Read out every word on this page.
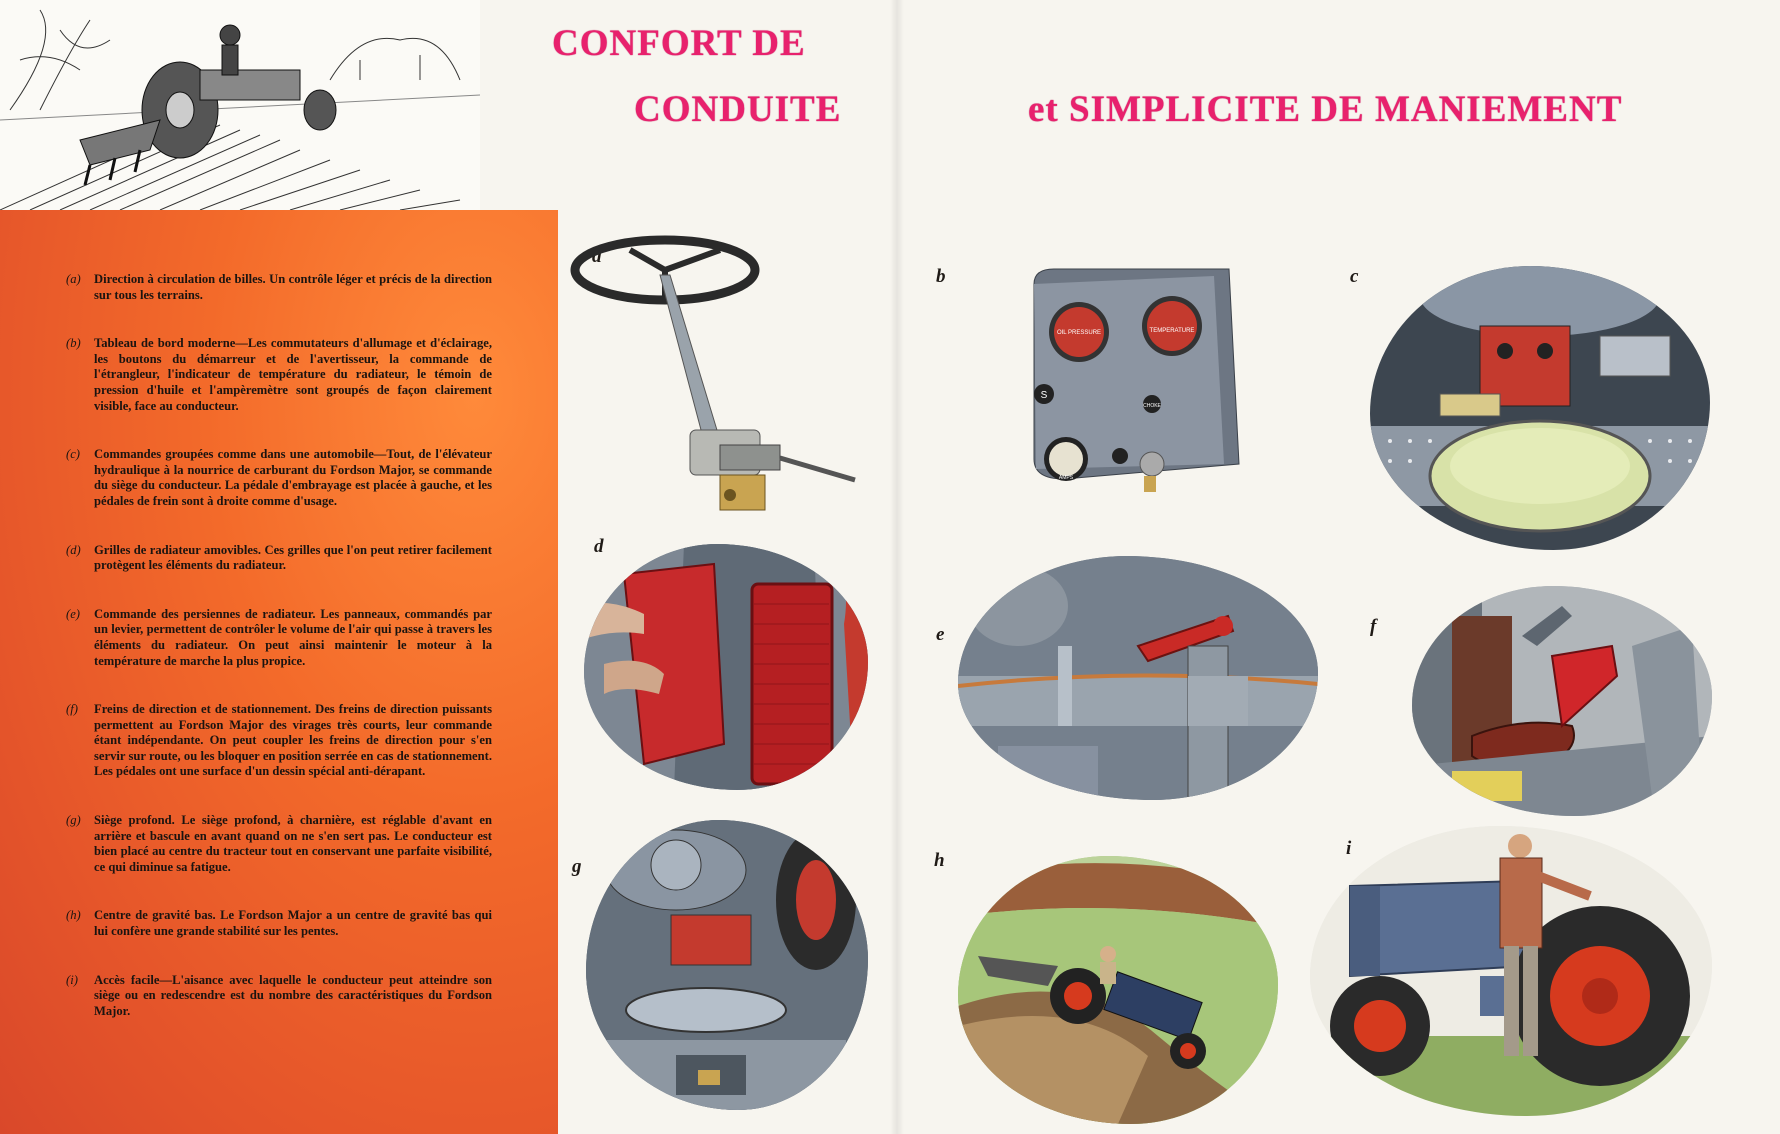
CONFORT DE
CONDUITE	et SIMPLICITE DE MANIEMENT
(a) Direction à circulation de billes. Un contrôle léger et précis de la direction sur tous les terrains.
(b) Tableau de bord moderne—Les commutateurs d'allumage et d'éclairage, les boutons du démarreur et de l'avertisseur, la commande de l'étrangleur, l'indicateur de température du radiateur, le témoin de pression d'huile et l'ampèremètre sont groupés de façon clairement visible, face au conducteur.
(c) Commandes groupées comme dans une automobile—Tout, de l'élévateur hydraulique à la nourrice de carburant du Fordson Major, se commande du siège du conducteur. La pédale d'embrayage est placée à gauche, et les pédales de frein sont à droite comme d'usage.
(d) Grilles de radiateur amovibles. Ces grilles que l'on peut retirer facilement protègent les éléments du radiateur.
(e) Commande des persiennes de radiateur. Les panneaux, commandés par un levier, permettent de contrôler le volume de l'air qui passe à travers les éléments du radiateur. On peut ainsi maintenir le moteur à la température de marche la plus propice.
(f) Freins de direction et de stationnement. Des freins de direction puissants permettent au Fordson Major des virages très courts, leur commande étant indépendante. On peut coupler les freins de direction pour s'en servir sur route, ou les bloquer en position serrée en cas de stationnement. Les pédales ont une surface d'un dessin spécial anti-dérapant.
(g) Siège profond. Le siège profond, à charnière, est réglable d'avant en arrière et bascule en avant quand on ne s'en sert pas. Le conducteur est bien placé au centre du tracteur tout en conservant une parfaite visibilité, ce qui diminue sa fatigue.
(h) Centre de gravité bas. Le Fordson Major a un centre de gravité bas qui lui confère une grande stabilité sur les pentes.
(i) Accès facile—L'aisance avec laquelle le conducteur peut atteindre son siège ou en redescendre est du nombre des caractéristiques du Fordson Major.
a
b	c
d
e	f
g	h
i
OIL PRESSURE	TEMPERATURE
S
CHOKE
AMPS
